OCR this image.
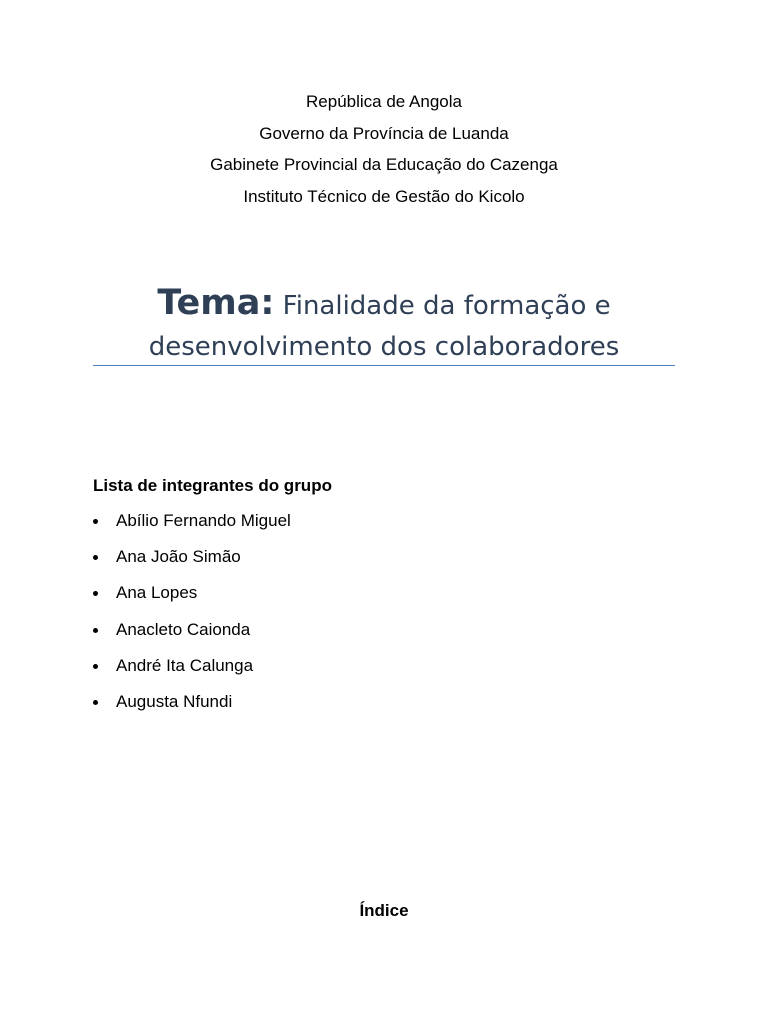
República de Angola
Governo da Província de Luanda
Gabinete Provincial da Educação do Cazenga
Instituto Técnico de Gestão do Kicolo
Tema: Finalidade da formação e
desenvolvimento dos colaboradores
Lista de integrantes do grupo
Abílio Fernando Miguel
Ana João Simão
Ana Lopes
Anacleto Caionda
André Ita Calunga
Augusta Nfundi
Índice
